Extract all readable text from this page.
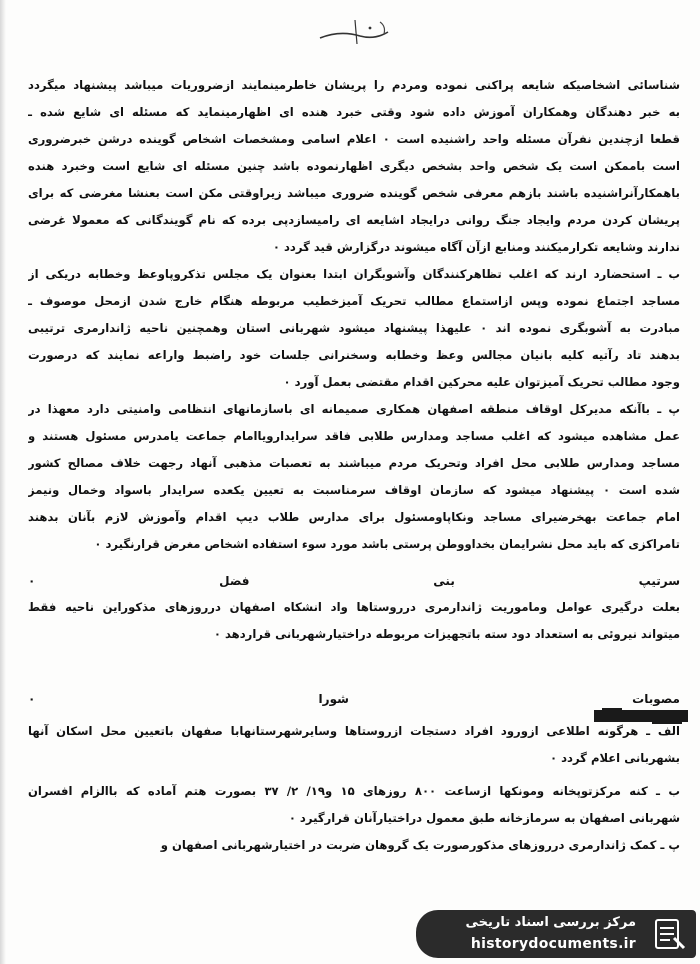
شناسائی اشخاصیکه شایعه پراکنی نموده ومردم را پریشان خاطرمینمایند ازضروریات میباشد پیشنهاد میگردد
به خبر دهندگان وهمکاران آموزش داده شود وقتی خبرد هنده ای اظهارمینماید که مسئله ای شایع شده ـ
قطعا ازچندین نفرآن مسئله واحد راشنیده است ۰ اعلام اسامی ومشخصات اشخاص گوینده درشن خبرضروری
است باممکن است یک شخص واحد بشخص دیگری اظهارنموده باشد چنین مسئله ای شایع است وخبرد هنده
باهمکارآنراشنیده باشند بازهم معرفی شخص گوینده ضروری میباشد زیراوقتی مکن است بعنشا مغرضی که برای
پریشان کردن مردم وایجاد جنگ روانی درایجاد اشایعه ای رامیسازدپی برده که نام گویندگانی که معمولا غرضی
ندارند وشایعه تکرارمیکنند ومنابع ازآن آگاه میشوند درگزارش قید گردد ۰
ب ـ استحضارد ارند که اغلب تظاهرکنندگان وآشوبگران ابتدا بعنوان یک مجلس تذکروپاوعظ وخطابه دریکی از
مساجد اجتماع نموده وپس ازاستماع مطالب تحریک آمیزخطیب مربوطه هنگام خارج شدن ازمحل موصوف ـ
مبادرت به آشوبگری نموده اند ۰ علیهذا پیشنهاد میشود شهربانی استان وهمچنین ناحیه ژاندارمری ترتیبی
بدهند تاد رآتیه کلیه بانیان مجالس وعظ وخطابه وسخنرانی جلسات خود راضبط واراعه نمایند که درصورت
وجود مطالب تحریک آمیزتوان علیه محرکین اقدام مقتضی بعمل آورد ۰
پ ـ باآنکه مدیرکل اوقاف منطقه اصفهان همکاری صمیمانه ای باسازمانهای انتظامی وامنیتی دارد معهذا در
عمل مشاهده میشود که اغلب مساجد ومدارس طلابی فاقد سرایدارویاامام جماعت یامدرس مسئول هستند و
مساجد ومدارس طلابی محل افراد وتحریک مردم میباشند به تعصبات مذهبی آنهاد رجهت خلاف مصالح کشور
شده است ۰ پیشنهاد میشود که سازمان اوقاف سرمناسبت به تعیین یکعده سرایدار باسواد وخمال ونیمز
امام جماعت بهخرضیرای مساجد ونکاپاومسئول برای مدارس طلاب دیپ اقدام وآموزش لازم بآنان بدهند
تامراکزی که باید محل نشرایمان بخداووطن پرستی باشد مورد سوء استفاده اشخاص مغرض قرارنگیرد ۰
سرتیپ بنی فضل ۰
بعلت درگیری عوامل وماموریت ژاندارمری درروستاها واد انشکاه اصفهان درروزهای مذکوراین ناحیه فقط
میتواند نیروئی به استعداد دود سته باتجهیزات مربوطه دراختیارشهربانی قراردهد ۰
مصوبات شورا ۰
الف ـ هرگونه اطلاعی ازورود افراد دستجات ازروستاها وسایرشهرستانهابا صفهان باتعیین محل اسکان آنها
بشهربانی اعلام گردد ۰
ب ـ کنه مرکزتوپخانه ومونکها ازساعت ۸۰۰ روزهای ۱۵ و۱۹/ ۲/ ۳۷ بصورت هتم آماده که باالزام افسران
شهربانی اصفهان به سرمازخانه طبق معمول دراختیارآنان قرارگیرد ۰
پ ـ کمک ژاندارمری درروزهای مذکورصورت یک گروهان ضربت در اختیارشهربانی اصفهان و
مرکز بررسی اسناد تاریخی
historydocuments.ir
